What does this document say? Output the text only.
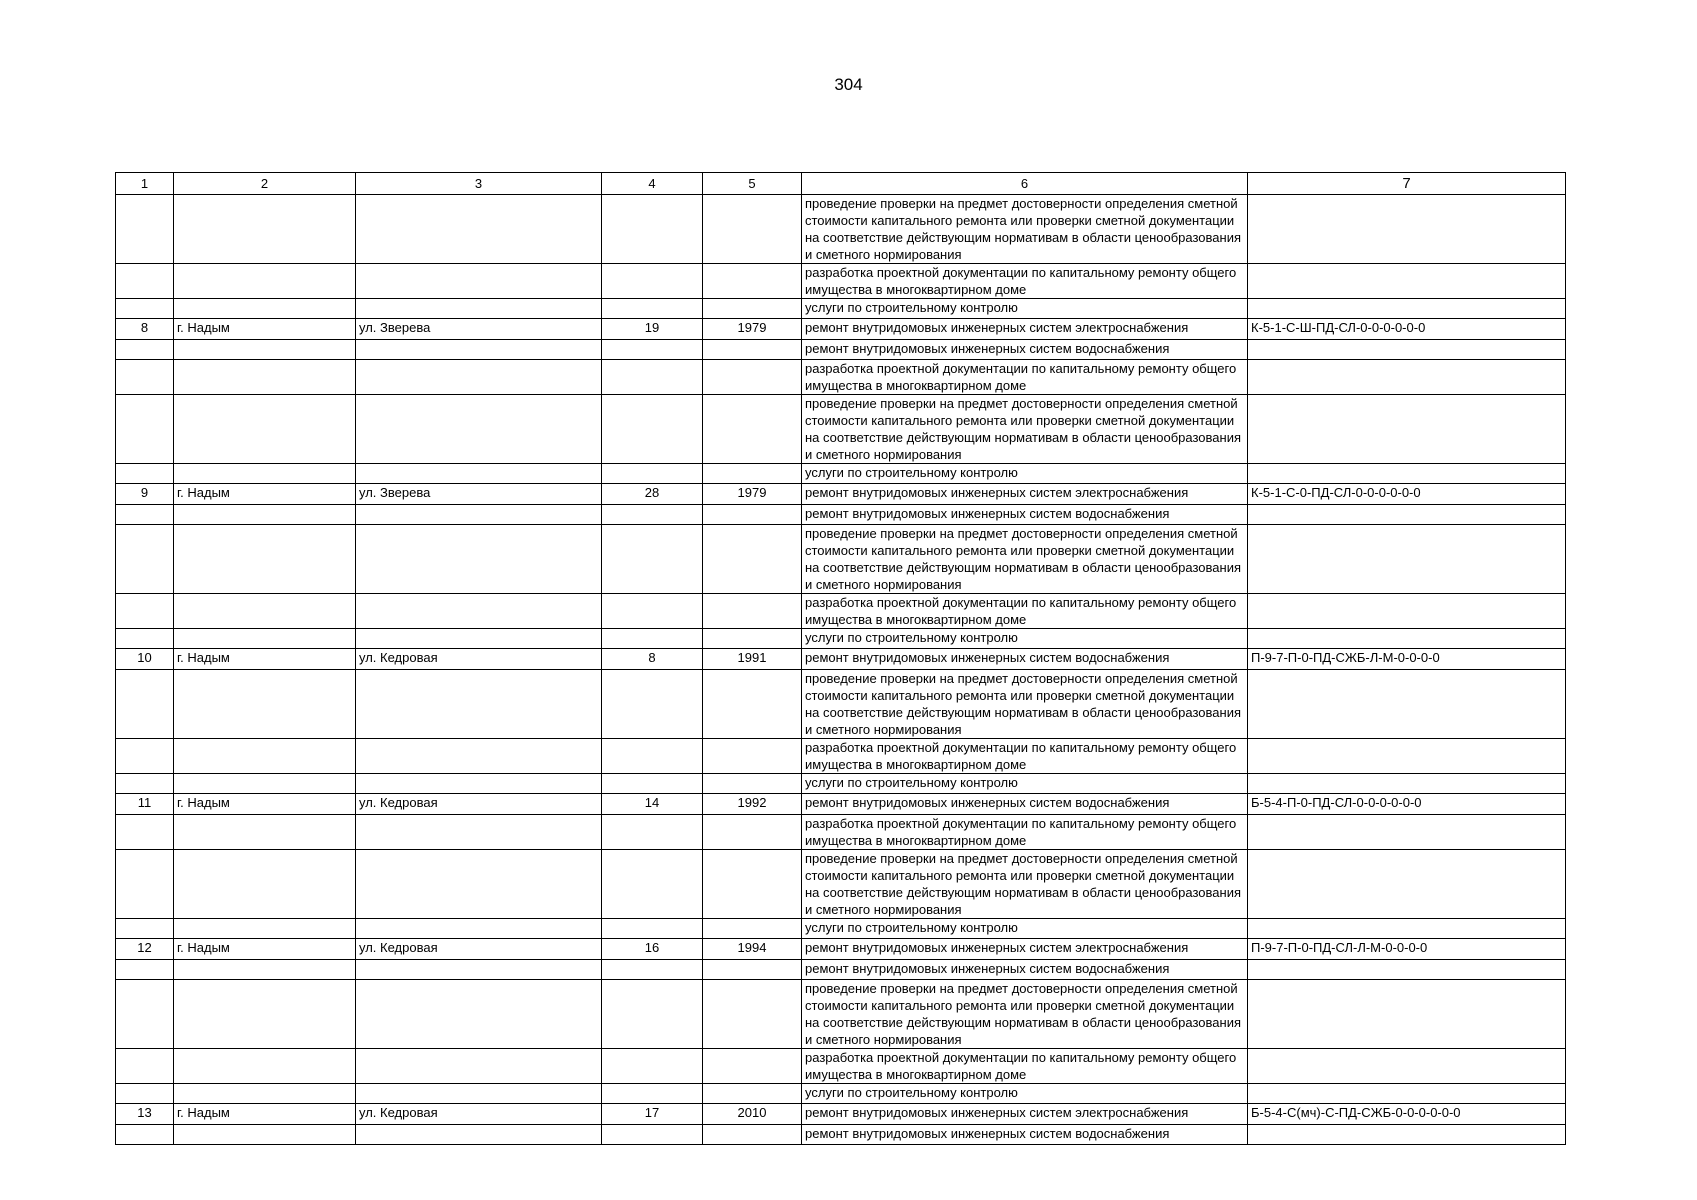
304
1	2	3	4	5	6	7
					проведение проверки на предмет достоверности определения сметной стоимости капитального ремонта или проверки сметной документации на соответствие действующим нормативам в области ценообразования и сметного нормирования	
					разработка проектной документации по капитальному ремонту общего имущества в многоквартирном доме	
					услуги по строительному контролю	
8	г. Надым	ул. Зверева	19	1979	ремонт внутридомовых инженерных систем электроснабжения	К-5-1-С-Ш-ПД-СЛ-0-0-0-0-0-0
					ремонт внутридомовых инженерных систем водоснабжения	
					разработка проектной документации по капитальному ремонту общего имущества в многоквартирном доме	
					проведение проверки на предмет достоверности определения сметной стоимости капитального ремонта или проверки сметной документации на соответствие действующим нормативам в области ценообразования и сметного нормирования	
					услуги по строительному контролю	
9	г. Надым	ул. Зверева	28	1979	ремонт внутридомовых инженерных систем электроснабжения	К-5-1-С-0-ПД-СЛ-0-0-0-0-0-0
					ремонт внутридомовых инженерных систем водоснабжения	
					проведение проверки на предмет достоверности определения сметной стоимости капитального ремонта или проверки сметной документации на соответствие действующим нормативам в области ценообразования и сметного нормирования	
					разработка проектной документации по капитальному ремонту общего имущества в многоквартирном доме	
					услуги по строительному контролю	
10	г. Надым	ул. Кедровая	8	1991	ремонт внутридомовых инженерных систем водоснабжения	П-9-7-П-0-ПД-СЖБ-Л-М-0-0-0-0
					проведение проверки на предмет достоверности определения сметной стоимости капитального ремонта или проверки сметной документации на соответствие действующим нормативам в области ценообразования и сметного нормирования	
					разработка проектной документации по капитальному ремонту общего имущества в многоквартирном доме	
					услуги по строительному контролю	
11	г. Надым	ул. Кедровая	14	1992	ремонт внутридомовых инженерных систем водоснабжения	Б-5-4-П-0-ПД-СЛ-0-0-0-0-0-0
					разработка проектной документации по капитальному ремонту общего имущества в многоквартирном доме	
					проведение проверки на предмет достоверности определения сметной стоимости капитального ремонта или проверки сметной документации на соответствие действующим нормативам в области ценообразования и сметного нормирования	
					услуги по строительному контролю	
12	г. Надым	ул. Кедровая	16	1994	ремонт внутридомовых инженерных систем электроснабжения	П-9-7-П-0-ПД-СЛ-Л-М-0-0-0-0
					ремонт внутридомовых инженерных систем водоснабжения	
					проведение проверки на предмет достоверности определения сметной стоимости капитального ремонта или проверки сметной документации на соответствие действующим нормативам в области ценообразования и сметного нормирования	
					разработка проектной документации по капитальному ремонту общего имущества в многоквартирном доме	
					услуги по строительному контролю	
13	г. Надым	ул. Кедровая	17	2010	ремонт внутридомовых инженерных систем электроснабжения	Б-5-4-С(мч)-С-ПД-СЖБ-0-0-0-0-0-0
					ремонт внутридомовых инженерных систем водоснабжения	
